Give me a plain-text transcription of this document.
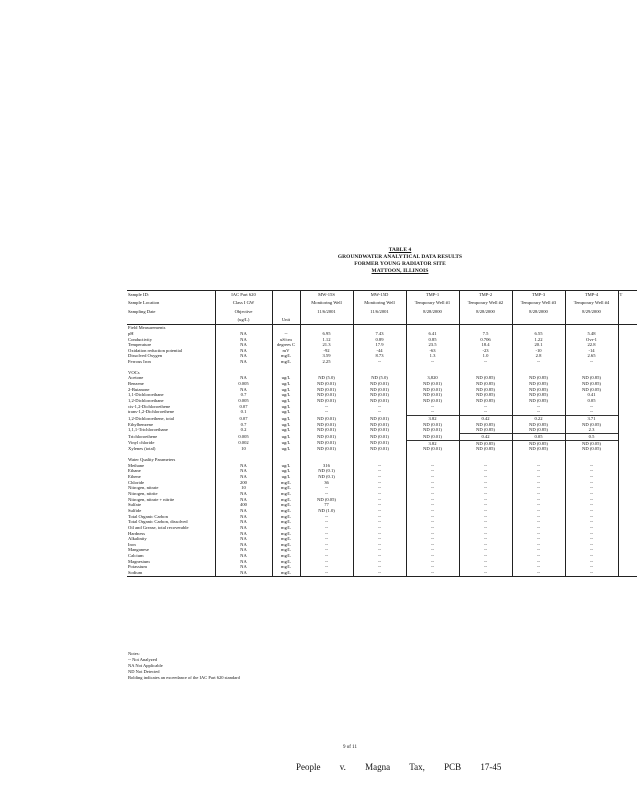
TABLE 4
GROUNDWATER ANALYTICAL DATA RESULTS
FORMER YOUNG RADIATOR SITE
MATTOON, ILLINOIS
Sample ID:	IAC Part 620		MW-15S	MW-15D	TMP-1	TMP-2	TMP-3	TMP-4	T
Sample Location	Class I GW		Monitoring Well	Monitoring Well	Temporary Well #1	Temporary Well #2	Temporary Well #3	Temporary Well #4	
Sampling Date	Objective		11/6/2001	11/6/2001	8/28/2000	8/28/2000	8/28/2000	8/29/2000	
	(ug/L)	Unit							
Field Measurements									
pH	NA	--	6.95	7.43	6.41	7.5	6.55	5.48	
Conductivity	NA	uS/cm	1.12	0.89	0.85	0.706	1.22	Ovr-1	
Temperature	NA	degrees C	21.3	17.9	23.5	18.4	20.1	22.8	
Oxidation reduction potential	NA	mV	-92	-44	-63	-23	-10	-14	
Dissolved Oxygen	NA	mg/L	3.59	8.73	1.3	1.0	2.8	2.65	
Ferrous Iron	NA	mg/L	2.25	--	--	--	--	--	

VOCs									
Acetone	NA	ug/L	ND (5.0)	ND (5.0)	3,820	ND (0.85)	ND (0.85)	ND (0.85)	
Benzene	0.005	ug/L	ND (0.01)	ND (0.01)	ND (0.01)	ND (0.85)	ND (0.85)	ND (0.85)	
2-Butanone	NA	ug/L	ND (0.01)	ND (0.01)	ND (0.01)	ND (0.85)	ND (0.85)	ND (0.05)	
1,1-Dichloroethane	0.7	ug/L	ND (0.01)	ND (0.01)	ND (0.01)	ND (0.85)	ND (0.85)	0.41	
1,2-Dichloroethane	0.005	ug/L	ND (0.01)	ND (0.01)	ND (0.01)	ND (0.85)	ND (0.85)	0.05	
cis-1,2-Dichloroethene	0.07	ug/L	--	--	--	--	--	--	
trans-1,2-Dichloroethene	0.1	ug/L	--	--	--	--	--	--	
1,2-Dichloroethene, total	0.07	ug/L	ND (0.01)	ND (0.01)	3.82	0.42	0.22	3.71	
Ethylbenzene	0.7	ug/L	ND (0.01)	ND (0.01)	ND (0.01)	ND (0.85)	ND (0.85)	ND (0.05)	
1,1,1-Trichloroethane	0.2	ug/L	ND (0.01)	ND (0.01)	ND (0.01)	ND (0.85)	ND (0.85)	2.3	
Trichloroethene	0.005	ug/L	ND (0.01)	ND (0.01)	ND (0.01)	0.42	0.05	0.5	
Vinyl chloride	0.002	ug/L	ND (0.01)	ND (0.01)	3.82	ND (0.85)	ND (0.85)	ND (0.05)	
Xylenes (total)	10	ug/L	ND (0.01)	ND (0.01)	ND (0.01)	ND (0.85)	ND (0.85)	ND (0.05)	

Water Quality Parameters									
Methane	NA	ug/L	316	--	--	--	--	--	
Ethane	NA	ug/L	ND (0.1)	--	--	--	--	--	
Ethene	NA	ug/L	ND (0.1)	--	--	--	--	--	
Chloride	200	mg/L	36	--	--	--	--	--	
Nitrogen, nitrate	10	mg/L	--	--	--	--	--	--	
Nitrogen, nitrite	NA	mg/L	--	--	--	--	--	--	
Nitrogen, nitrate + nitrite	NA	mg/L	ND (0.05)	--	--	--	--	--	
Sulfate	400	mg/L	77	--	--	--	--	--	
Sulfide	NA	mg/L	ND (1.0)	--	--	--	--	--	
Total Organic Carbon	NA	mg/L	--	--	--	--	--	--	
Total Organic Carbon, dissolved	NA	mg/L	--	--	--	--	--	--	
Oil and Grease, total recoverable	NA	mg/L	--	--	--	--	--	--	
Hardness	NA	mg/L	--	--	--	--	--	--	
Alkalinity	NA	mg/L	--	--	--	--	--	--	
Iron	NA	mg/L	--	--	--	--	--	--	
Manganese	NA	mg/L	--	--	--	--	--	--	
Calcium	NA	mg/L	--	--	--	--	--	--	
Magnesium	NA	mg/L	--	--	--	--	--	--	
Potassium	NA	mg/L	--	--	--	--	--	--	
Sodium	NA	mg/L	--	--	--	--	--	--	
Notes:
-- Not Analyzed
NA Not Applicable
ND Not Detected
Bolding indicates an exceedance of the IAC Part 620 standard
9 of 11
People v. Magna Tax, PCB 17-45
